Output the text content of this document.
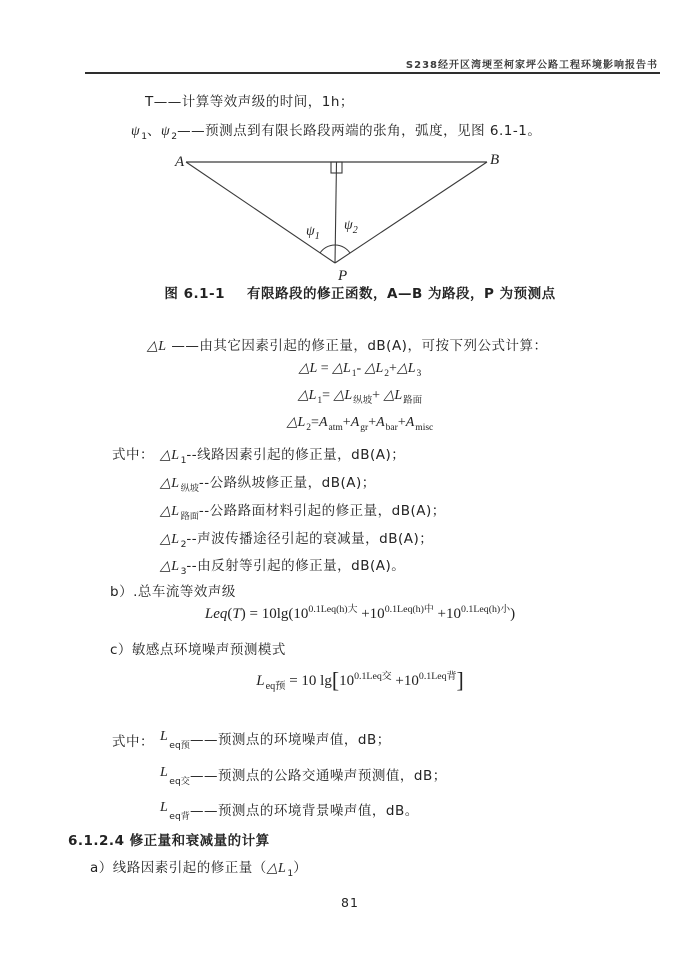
S238经开区湾埂至柯家坪公路工程环境影响报告书
T——计算等效声级的时间，1h；
$\psi_1$、$\psi_2——$预测点到有限长路段两端的张角，弧度，见图 6.1-1。
A	B
P
$\psi_1$
$\psi_2$
图 6.1-1 有限路段的修正函数，A—B 为路段，P 为预测点
△L ——由其它因素引起的修正量，dB(A)，可按下列公式计算：
△L = $\triangle L_1-$ $\triangle L_2+\triangle L_3$
$\triangle L_1=$ $\triangle L_{纵坡}+$ $\triangle L_{路面}$
$\triangle L_2=A_{atm}+A_{gr}+A_{bar}+A_{misc}$
式中： $\triangle L_1--$线路因素引起的修正量，dB(A)；
$\triangle L_{纵坡}--$公路纵坡修正量，dB(A)；
$\triangle L_{路面}--$公路路面材料引起的修正量，dB(A)；
$\triangle L_2--$声波传播途径引起的衰减量，dB(A)；
$\triangle L_3--$由反射等引起的修正量，dB(A)。
b）.总车流等效声级
$Leq(T) = 10\lg(10^{0.1Leq(h)大} +10^{0.1Leq(h)中} +10^{0.1Leq(h)小})$
c）敏感点环境噪声预测模式
$L_{eq预} = 10$ $\lg[10^{0.1Leq交} +10^{0.1Leq背}]$
式中： $L_{eq预}——$预测点的环境噪声值，dB；
$L_{eq交}——$预测点的公路交通噪声预测值，dB；
$L_{eq背}——$预测点的环境背景噪声值，dB。
6.1.2.4 修正量和衰减量的计算
a）线路因素引起的修正量$(\triangle L_1)$
81
